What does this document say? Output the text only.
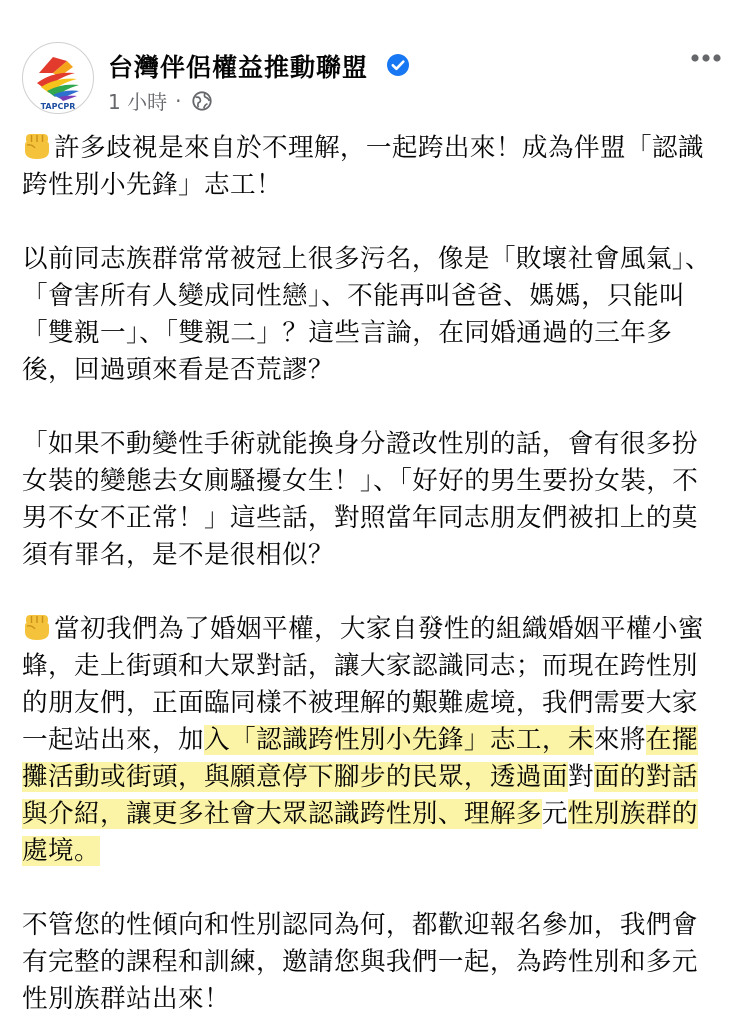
TAPCPR
台灣伴侶權益推動聯盟
1 小時 ·

許多歧視是來自於不理解，一起跨出來！成為伴盟「認識跨性別小先鋒」志工！

以前同志族群常常被冠上很多污名，像是「敗壞社會風氣」、「會害所有人變成同性戀」、不能再叫爸爸、媽媽，只能叫「雙親一」、「雙親二」？這些言論，在同婚通過的三年多後，回過頭來看是否荒謬？

「如果不動變性手術就能換身分證改性別的話，會有很多扮女裝的變態去女廁騷擾女生！」、「好好的男生要扮女裝，不男不女不正常！」這些話，對照當年同志朋友們被扣上的莫須有罪名，是不是很相似？

當初我們為了婚姻平權，大家自發性的組織婚姻平權小蜜蜂，走上街頭和大眾對話，讓大家認識同志；而現在跨性別的朋友們，正面臨同樣不被理解的艱難處境，我們需要大家一起站出來，加入「認識跨性別小先鋒」志工，未來將在擺攤活動或街頭，與願意停下腳步的民眾，透過面對面的對話與介紹，讓更多社會大眾認識跨性別、理解多元性別族群的處境。

不管您的性傾向和性別認同為何，都歡迎報名參加，我們會有完整的課程和訓練，邀請您與我們一起，為跨性別和多元性別族群站出來！
